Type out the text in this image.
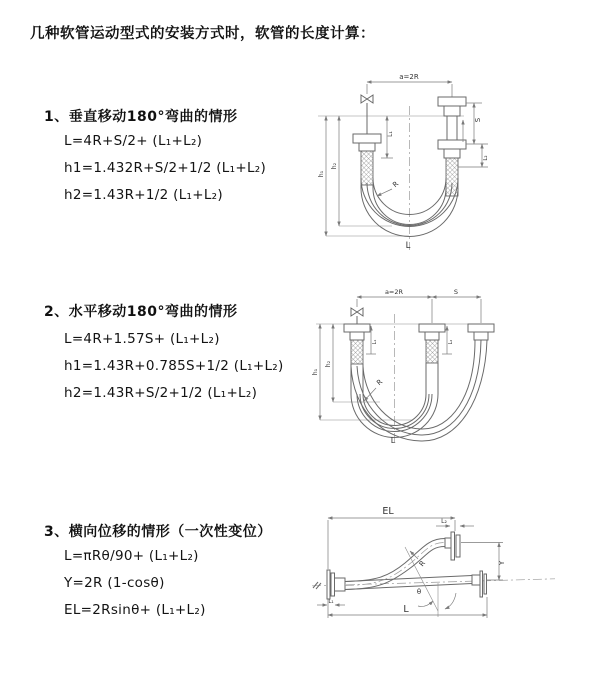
几种软管运动型式的安装方式时，软管的长度计算：
1、垂直移动180°弯曲的情形
L=4R+S/2+ (L₁+L₂)
h1=1.432R+S/2+1/2 (L₁+L₂)
h2=1.43R+1/2 (L₁+L₂)
2、水平移动180°弯曲的情形
L=4R+1.57S+ (L₁+L₂)
h1=1.43R+0.785S+1/2 (L₁+L₂)
h2=1.43R+S/2+1/2 (L₁+L₂)
3、横向位移的情形（一次性变位）
L=πRθ/90+ (L₁+L₂)
Y=2R (1-cosθ)
EL=2Rsinθ+ (L₁+L₂)
a=2R
L₁
S
L₂
h₁
h₂
R
L
a=2R	S
L₁	L₂
h₁
h₂
R
L
EL
L₂
R
θ
Y
L₁
L
